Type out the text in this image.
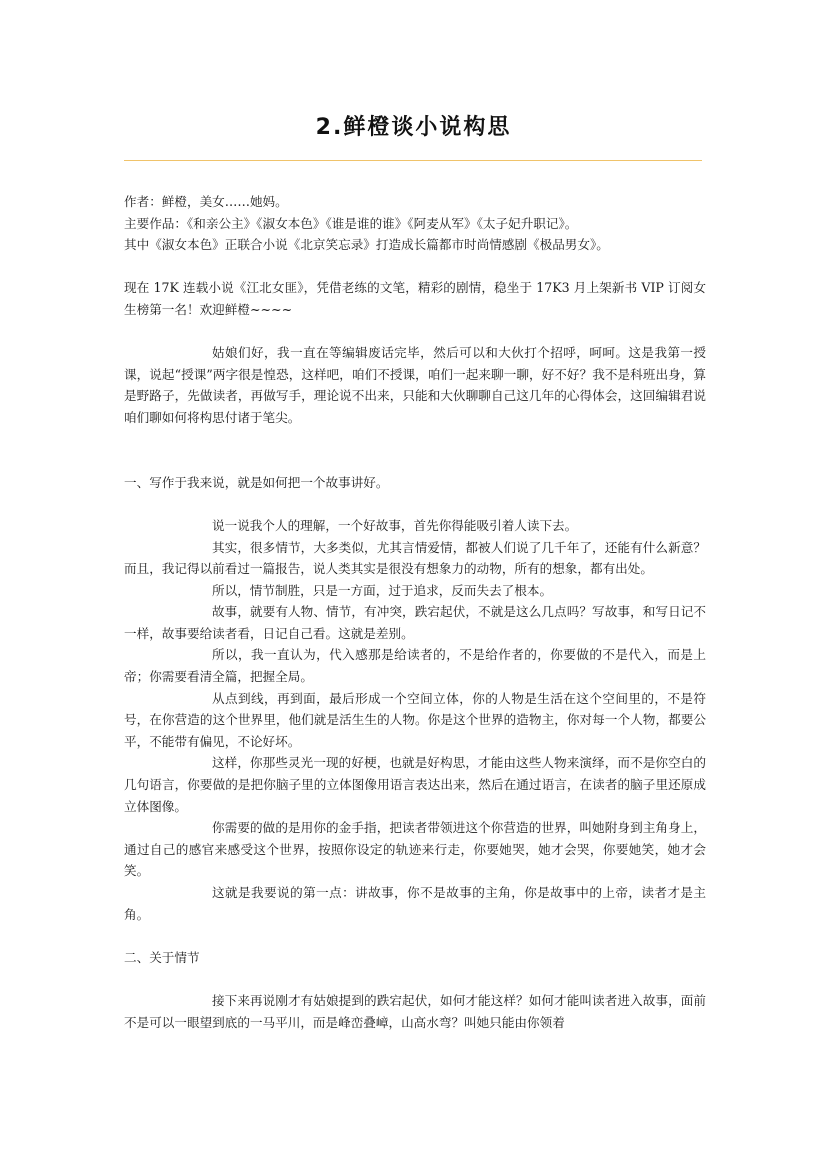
2.鲜橙谈小说构思

作者：鲜橙，美女……她妈。

主要作品：《和亲公主》《淑女本色》《谁是谁的谁》《阿麦从军》《太子妃升职记》。

其中《淑女本色》正联合小说《北京笑忘录》打造成长篇都市时尚情感剧《极品男女》。

现在 17K 连载小说《江北女匪》，凭借老练的文笔，精彩的剧情，稳坐于 17K3 月上架新书 VIP 订阅女生榜第一名！欢迎鲜橙~~~~

姑娘们好，我一直在等编辑废话完毕，然后可以和大伙打个招呼，呵呵。这是我第一授课，说起“授课”两字很是惶恐，这样吧，咱们不授课，咱们一起来聊一聊，好不好？我不是科班出身，算是野路子，先做读者，再做写手，理论说不出来，只能和大伙聊聊自己这几年的心得体会，这回编辑君说咱们聊如何将构思付诸于笔尖。

一、写作于我来说，就是如何把一个故事讲好。

说一说我个人的理解，一个好故事，首先你得能吸引着人读下去。

其实，很多情节，大多类似，尤其言情爱情，都被人们说了几千年了，还能有什么新意？而且，我记得以前看过一篇报告，说人类其实是很没有想象力的动物，所有的想象，都有出处。

所以，情节制胜，只是一方面，过于追求，反而失去了根本。

故事，就要有人物、情节，有冲突，跌宕起伏，不就是这么几点吗？写故事，和写日记不一样，故事要给读者看，日记自己看。这就是差别。

所以，我一直认为，代入感那是给读者的，不是给作者的，你要做的不是代入，而是上帝；你需要看清全篇，把握全局。

从点到线，再到面，最后形成一个空间立体，你的人物是生活在这个空间里的，不是符号，在你营造的这个世界里，他们就是活生生的人物。你是这个世界的造物主，你对每一个人物，都要公平，不能带有偏见，不论好坏。

这样，你那些灵光一现的好梗，也就是好构思，才能由这些人物来演绎，而不是你空白的几句语言，你要做的是把你脑子里的立体图像用语言表达出来，然后在通过语言，在读者的脑子里还原成立体图像。

你需要的做的是用你的金手指，把读者带领进这个你营造的世界，叫她附身到主角身上，通过自己的感官来感受这个世界，按照你设定的轨迹来行走，你要她哭，她才会哭，你要她笑，她才会笑。

这就是我要说的第一点：讲故事，你不是故事的主角，你是故事中的上帝，读者才是主角。

二、关于情节

接下来再说刚才有姑娘提到的跌宕起伏，如何才能这样？如何才能叫读者进入故事，面前不是可以一眼望到底的一马平川，而是峰峦叠嶂，山高水弯？叫她只能由你领着
